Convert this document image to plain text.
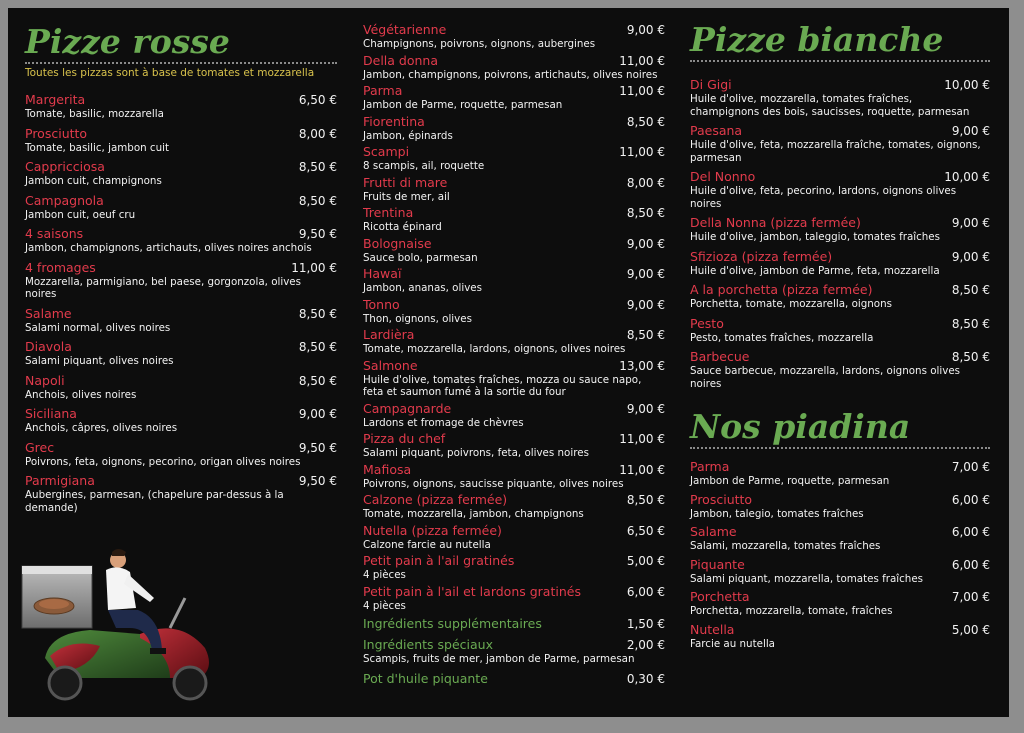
Pizze rosse
Toutes les pizzas sont à base de tomates et mozzarella
Margerita	6,50 €
Tomate, basilic, mozzarella
Prosciutto	8,00 €
Tomate, basilic, jambon cuit
Cappricciosa	8,50 €
Jambon cuit, champignons
Campagnola	8,50 €
Jambon cuit, oeuf cru
4 saisons	9,50 €
Jambon, champignons, artichauts, olives noires anchois
4 fromages	11,00 €
Mozzarella, parmigiano, bel paese, gorgonzola, olives noires
Salame	8,50 €
Salami normal, olives noires
Diavola	8,50 €
Salami piquant, olives noires
Napoli	8,50 €
Anchois, olives noires
Siciliana	9,00 €
Anchois, câpres, olives noires
Grec	9,50 €
Poivrons, feta, oignons, pecorino, origan olives noires
Parmigiana	9,50 €
Aubergines, parmesan, (chapelure par-dessus à la demande)
Végétarienne	9,00 €
Champignons, poivrons, oignons, aubergines
Della donna	11,00 €
Jambon, champignons, poivrons, artichauts, olives noires
Parma	11,00 €
Jambon de Parme, roquette, parmesan
Fiorentina	8,50 €
Jambon, épinards
Scampi	11,00 €
8 scampis, ail, roquette
Frutti di mare	8,00 €
Fruits de mer, ail
Trentina	8,50 €
Ricotta épinard
Bolognaise	9,00 €
Sauce bolo, parmesan
Hawaï	9,00 €
Jambon, ananas, olives
Tonno	9,00 €
Thon, oignons, olives
Lardièra	8,50 €
Tomate, mozzarella, lardons, oignons, olives noires
Salmone	13,00 €
Huile d'olive, tomates fraîches, mozza ou sauce napo, feta et saumon fumé à la sortie du four
Campagnarde	9,00 €
Lardons et fromage de chèvres
Pizza du chef	11,00 €
Salami piquant, poivrons, feta, olives noires
Mafiosa	11,00 €
Poivrons, oignons, saucisse piquante, olives noires
Calzone (pizza fermée)	8,50 €
Tomate, mozzarella, jambon, champignons
Nutella (pizza fermée)	6,50 €
Calzone farcie au nutella
Petit pain à l'ail gratinés	5,00 €
4 pièces
Petit pain à l'ail et lardons gratinés	6,00 €
4 pièces
Ingrédients supplémentaires	1,50 €
Ingrédients spéciaux	2,00 €
Scampis, fruits de mer, jambon de Parme, parmesan
Pot d'huile piquante	0,30 €
Pizze bianche
Di Gigi	10,00 €
Huile d'olive, mozzarella, tomates fraîches, champignons des bois, saucisses, roquette, parmesan
Paesana	9,00 €
Huile d'olive, feta, mozzarella fraîche, tomates, oignons, parmesan
Del Nonno	10,00 €
Huile d'olive, feta, pecorino, lardons, oignons olives noires
Della Nonna (pizza fermée)	9,00 €
Huile d'olive, jambon, taleggio, tomates fraîches
Sfizioza (pizza fermée)	9,00 €
Huile d'olive, jambon de Parme, feta, mozzarella
A la porchetta (pizza fermée)	8,50 €
Porchetta, tomate, mozzarella, oignons
Pesto	8,50 €
Pesto, tomates fraîches, mozzarella
Barbecue	8,50 €
Sauce barbecue, mozzarella, lardons, oignons olives noires
Nos piadina
Parma	7,00 €
Jambon de Parme, roquette, parmesan
Prosciutto	6,00 €
Jambon, talegio, tomates fraîches
Salame	6,00 €
Salami, mozzarella, tomates fraîches
Piquante	6,00 €
Salami piquant, mozzarella, tomates fraîches
Porchetta	7,00 €
Porchetta, mozzarella, tomate, fraîches
Nutella	5,00 €
Farcie au nutella
